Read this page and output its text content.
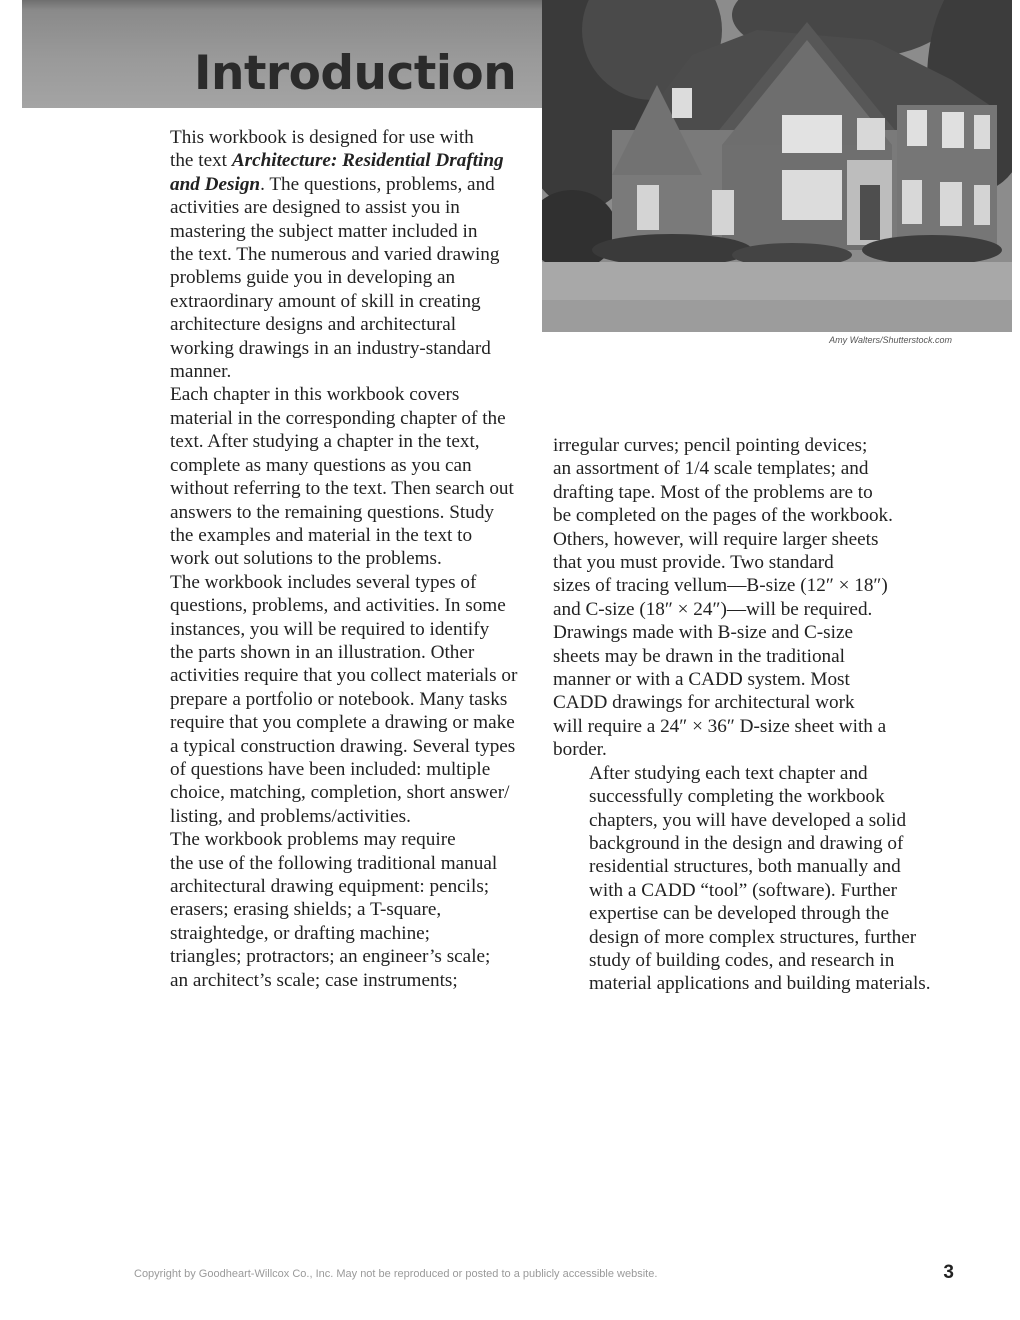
Introduction
Amy Walters/Shutterstock.com

This workbook is designed for use with
the text Architecture: Residential Drafting
and Design. The questions, problems, and
activities are designed to assist you in
mastering the subject matter included in
the text. The numerous and varied drawing
problems guide you in developing an
extraordinary amount of skill in creating
architecture designs and architectural
working drawings in an industry-standard
manner.

Each chapter in this workbook covers
material in the corresponding chapter of the
text. After studying a chapter in the text,
complete as many questions as you can
without referring to the text. Then search out
answers to the remaining questions. Study
the examples and material in the text to
work out solutions to the problems.

The workbook includes several types of
questions, problems, and activities. In some
instances, you will be required to identify
the parts shown in an illustration. Other
activities require that you collect materials or
prepare a portfolio or notebook. Many tasks
require that you complete a drawing or make
a typical construction drawing. Several types
of questions have been included: multiple
choice, matching, completion, short answer/
listing, and problems/activities.

The workbook problems may require
the use of the following traditional manual
architectural drawing equipment: pencils;
erasers; erasing shields; a T-square,
straightedge, or drafting machine;
triangles; protractors; an engineer’s scale;
an architect’s scale; case instruments;

irregular curves; pencil pointing devices;
an assortment of 1/4 scale templates; and
drafting tape. Most of the problems are to
be completed on the pages of the workbook.
Others, however, will require larger sheets
that you must provide. Two standard
sizes of tracing vellum—B-size (12″ × 18″)
and C-size (18″ × 24″)—will be required.
Drawings made with B-size and C-size
sheets may be drawn in the traditional
manner or with a CADD system. Most
CADD drawings for architectural work
will require a 24″ × 36″ D-size sheet with a
border.

After studying each text chapter and
successfully completing the workbook
chapters, you will have developed a solid
background in the design and drawing of
residential structures, both manually and
with a CADD “tool” (software). Further
expertise can be developed through the
design of more complex structures, further
study of building codes, and research in
material applications and building materials.

Copyright by Goodheart-Willcox Co., Inc. May not be reproduced or posted to a publicly accessible website.	3
